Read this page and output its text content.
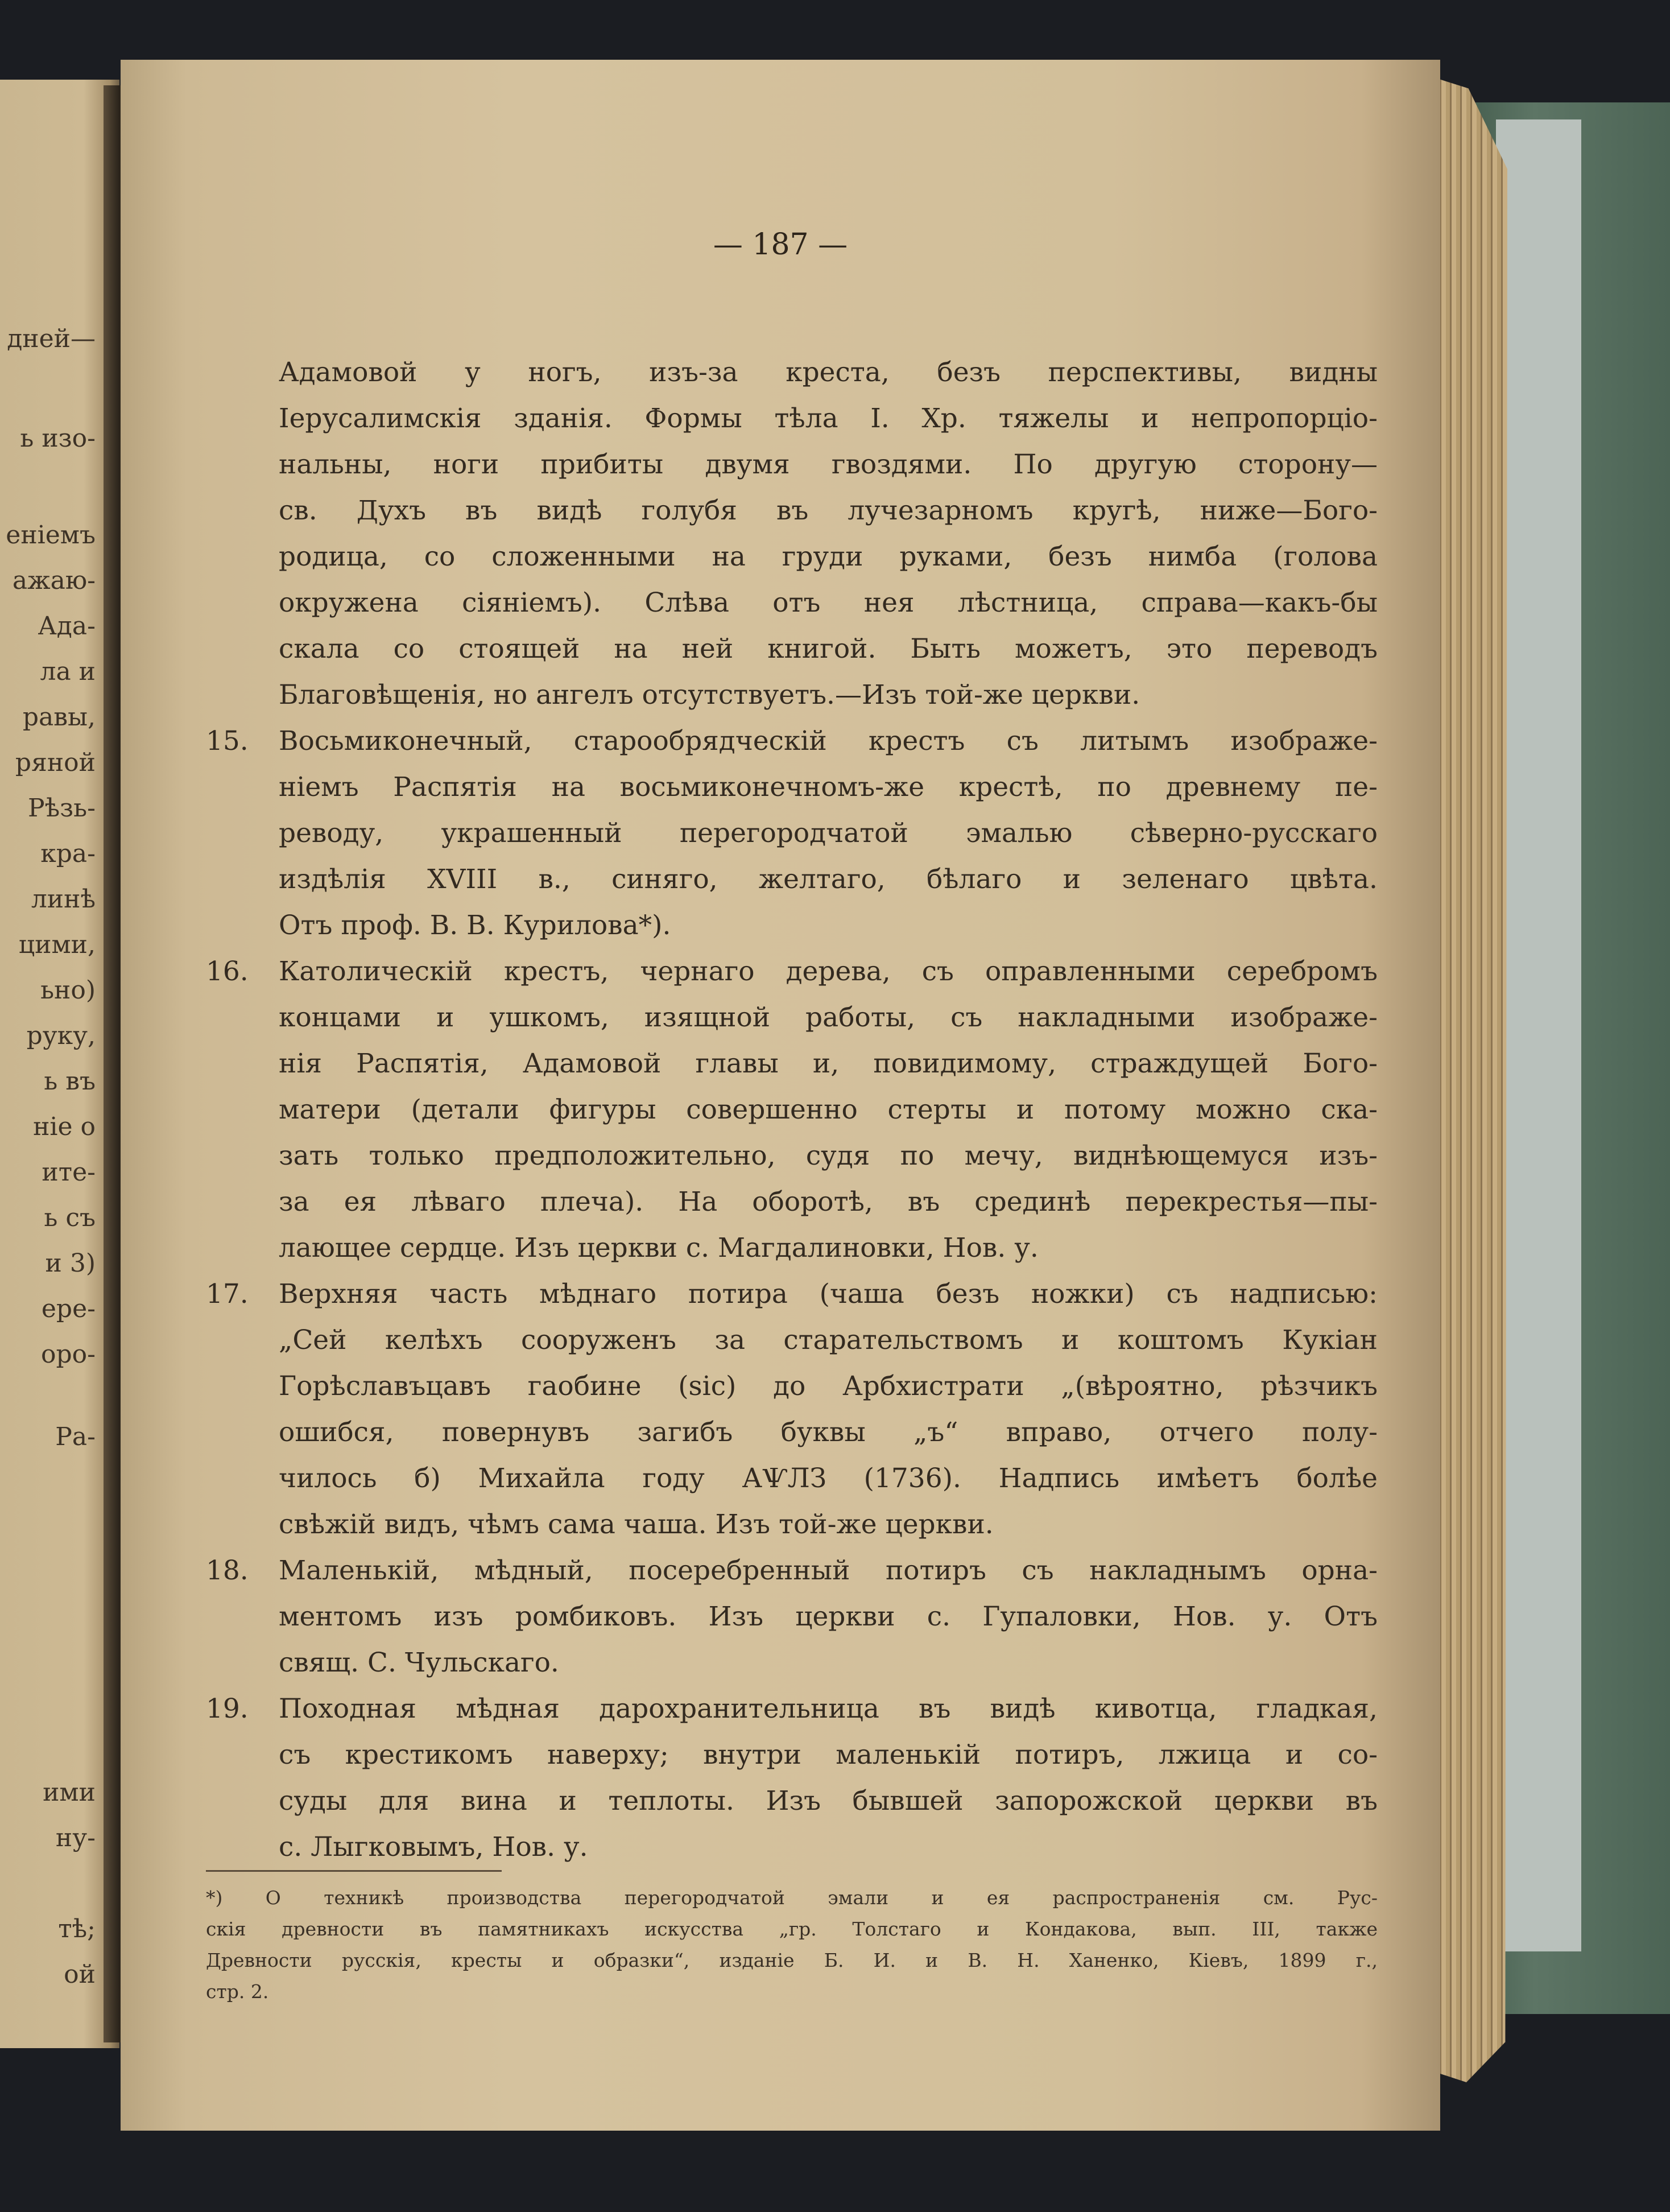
дней—
ь изо-
еніемъ
ажаю-
Ада-
ла и
равы,
ряной
Рѣзь-
кра-
линѣ
цими,
ьно)
руку,
ь въ
ніе о
ите-
ь съ
и 3)
ере-
оро-
Ра-
ими
ну-
тѣ;
ой
— 187 —
Адамовой у ногъ, изъ-за креста, безъ перспективы, видны
Іерусалимскія зданія. Формы тѣла І. Хр. тяжелы и непропорціо-
нальны, ноги прибиты двумя гвоздями. По другую сторону—
св. Духъ въ видѣ голубя въ лучезарномъ кругѣ, ниже—Бого-
родица, со сложенными на груди руками, безъ нимба (голова
окружена сіяніемъ). Слѣва отъ нея лѣстница, справа—какъ-бы
скала со стоящей на ней книгой. Быть можетъ, это переводъ
Благовѣщенія, но ангелъ отсутствуетъ.—Изъ той-же церкви.
15.	Восьмиконечный, старообрядческій крестъ съ литымъ изображе-
ніемъ Распятія на восьмиконечномъ-же крестѣ, по древнему пе-
реводу, украшенный перегородчатой эмалью сѣверно-русскаго
издѣлія XVIII в., синяго, желтаго, бѣлаго и зеленаго цвѣта.
Отъ проф. В. В. Курилова*).
16.	Католическій крестъ, чернаго дерева, съ оправленными серебромъ
концами и ушкомъ, изящной работы, съ накладными изображе-
нія Распятія, Адамовой главы и, повидимому, страждущей Бого-
матери (детали фигуры совершенно стерты и потому можно ска-
зать только предположительно, судя по мечу, виднѣющемуся изъ-
за ея лѣваго плеча). На оборотѣ, въ срединѣ перекрестья—пы-
лающее сердце. Изъ церкви с. Магдалиновки, Нов. у.
17.	Верхняя часть мѣднаго потира (чаша безъ ножки) съ надписью:
„Сей келѣхъ сооруженъ за старательствомъ и коштомъ Кукіан
Горѣславъцавъ гаобине (sic) до Арбхистрати „(вѣроятно, рѣзчикъ
ошибся, повернувъ загибъ буквы „ъ“ вправо, отчего полу-
чилось б) Михайла году АѰЛЗ (1736). Надпись имѣетъ болѣе
свѣжій видъ, чѣмъ сама чаша. Изъ той-же церкви.
18.	Маленькій, мѣдный, посеребренный потиръ съ накладнымъ орна-
ментомъ изъ ромбиковъ. Изъ церкви с. Гупаловки, Нов. у. Отъ
свящ. С. Чульскаго.
19.	Походная мѣдная дарохранительница въ видѣ кивотца, гладкая,
съ крестикомъ наверху; внутри маленькій потиръ, лжица и со-
суды для вина и теплоты. Изъ бывшей запорожской церкви въ
с. Лыгковымъ, Нов. у.
*) О техникѣ производства перегородчатой эмали и ея распространенія см. Рус-
скія древности въ памятникахъ искусства „гр. Толстаго и Кондакова, вып. III, также
Древности русскія, кресты и образки“, изданіе Б. И. и В. Н. Ханенко, Кіевъ, 1899 г.,
стр. 2.
